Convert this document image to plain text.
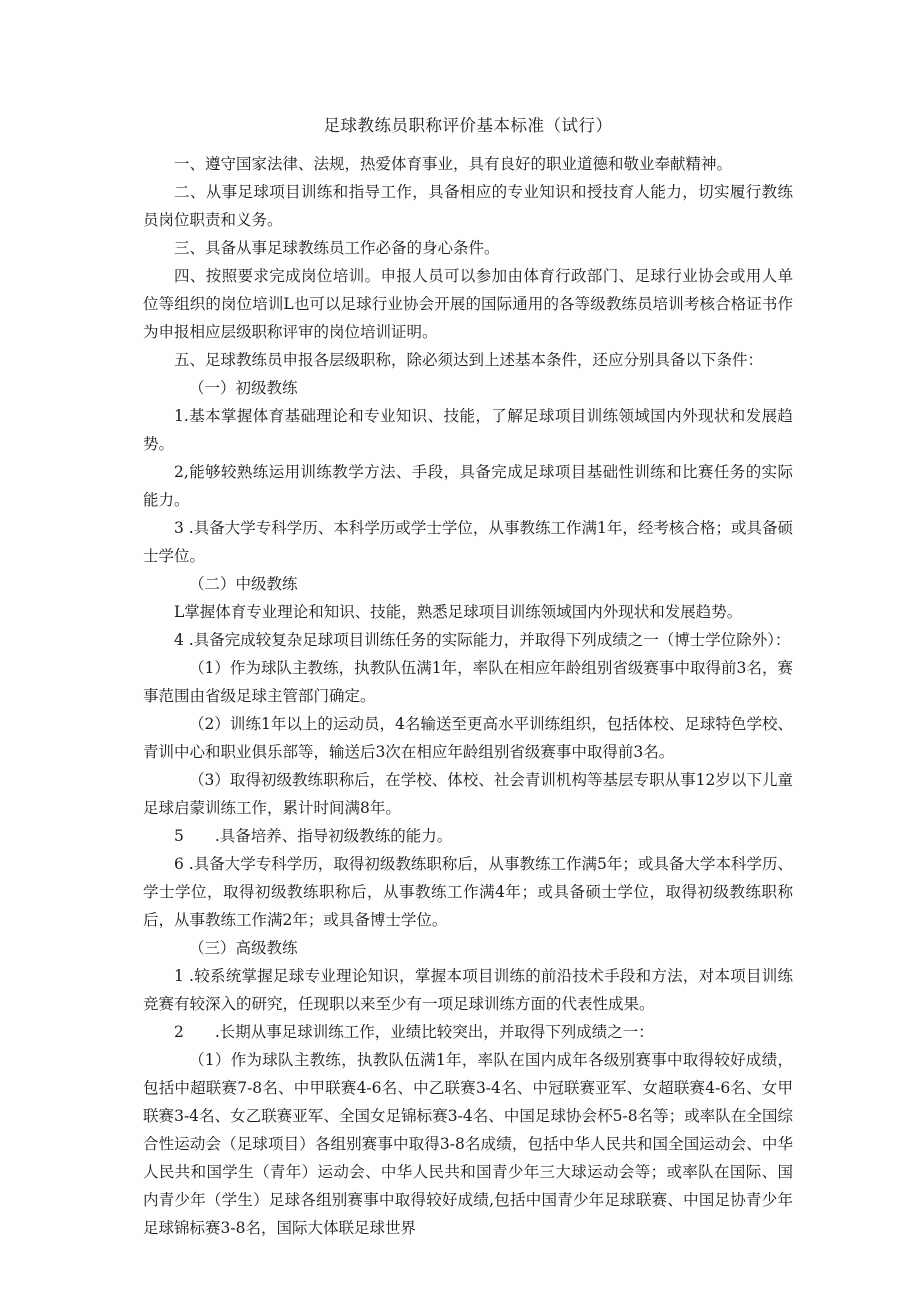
足球教练员职称评价基本标准（试行）

一、遵守国家法律、法规，热爱体育事业，具有良好的职业道德和敬业奉献精神。

二、从事足球项目训练和指导工作，具备相应的专业知识和授技育人能力，切实履行教练员岗位职责和义务。

三、具备从事足球教练员工作必备的身心条件。

四、按照要求完成岗位培训。申报人员可以参加由体育行政部门、足球行业协会或用人单位等组织的岗位培训L也可以足球行业协会开展的国际通用的各等级教练员培训考核合格证书作为申报相应层级职称评审的岗位培训证明。

五、足球教练员申报各层级职称，除必须达到上述基本条件，还应分别具备以下条件：

（一）初级教练

1.基本掌握体育基础理论和专业知识、技能，了解足球项目训练领域国内外现状和发展趋势。

2,能够较熟练运用训练教学方法、手段，具备完成足球项目基础性训练和比赛任务的实际能力。

3 .具备大学专科学历、本科学历或学士学位，从事教练工作满1年，经考核合格；或具备硕士学位。

（二）中级教练

L掌握体育专业理论和知识、技能，熟悉足球项目训练领域国内外现状和发展趋势。

4 .具备完成较复杂足球项目训练任务的实际能力，并取得下列成绩之一（博士学位除外）：

（1）作为球队主教练，执教队伍满1年，率队在相应年龄组别省级赛事中取得前3名，赛事范围由省级足球主管部门确定。

（2）训练1年以上的运动员，4名输送至更高水平训练组织，包括体校、足球特色学校、青训中心和职业俱乐部等，输送后3次在相应年龄组别省级赛事中取得前3名。

（3）取得初级教练职称后，在学校、体校、社会青训机构等基层专职从事12岁以下儿童足球启蒙训练工作，累计时间满8年。

5　　.具备培养、指导初级教练的能力。

6 .具备大学专科学历，取得初级教练职称后，从事教练工作满5年；或具备大学本科学历、学士学位，取得初级教练职称后，从事教练工作满4年；或具备硕士学位，取得初级教练职称后，从事教练工作满2年；或具备博士学位。

（三）高级教练

1 .较系统掌握足球专业理论知识，掌握本项目训练的前沿技术手段和方法，对本项目训练竞赛有较深入的研究，任现职以来至少有一项足球训练方面的代表性成果。

2　　.长期从事足球训练工作，业绩比较突出，并取得下列成绩之一：

（1）作为球队主教练，执教队伍满1年，率队在国内成年各级别赛事中取得较好成绩，包括中超联赛7-8名、中甲联赛4-6名、中乙联赛3-4名、中冠联赛亚军、女超联赛4-6名、女甲联赛3-4名、女乙联赛亚军、全国女足锦标赛3-4名、中国足球协会杯5-8名等；或率队在全国综合性运动会（足球项目）各组别赛事中取得3-8名成绩，包括中华人民共和国全国运动会、中华人民共和国学生（青年）运动会、中华人民共和国青少年三大球运动会等；或率队在国际、国内青少年（学生）足球各组别赛事中取得较好成绩,包括中国青少年足球联赛、中国足协青少年足球锦标赛3-8名，国际大体联足球世界
